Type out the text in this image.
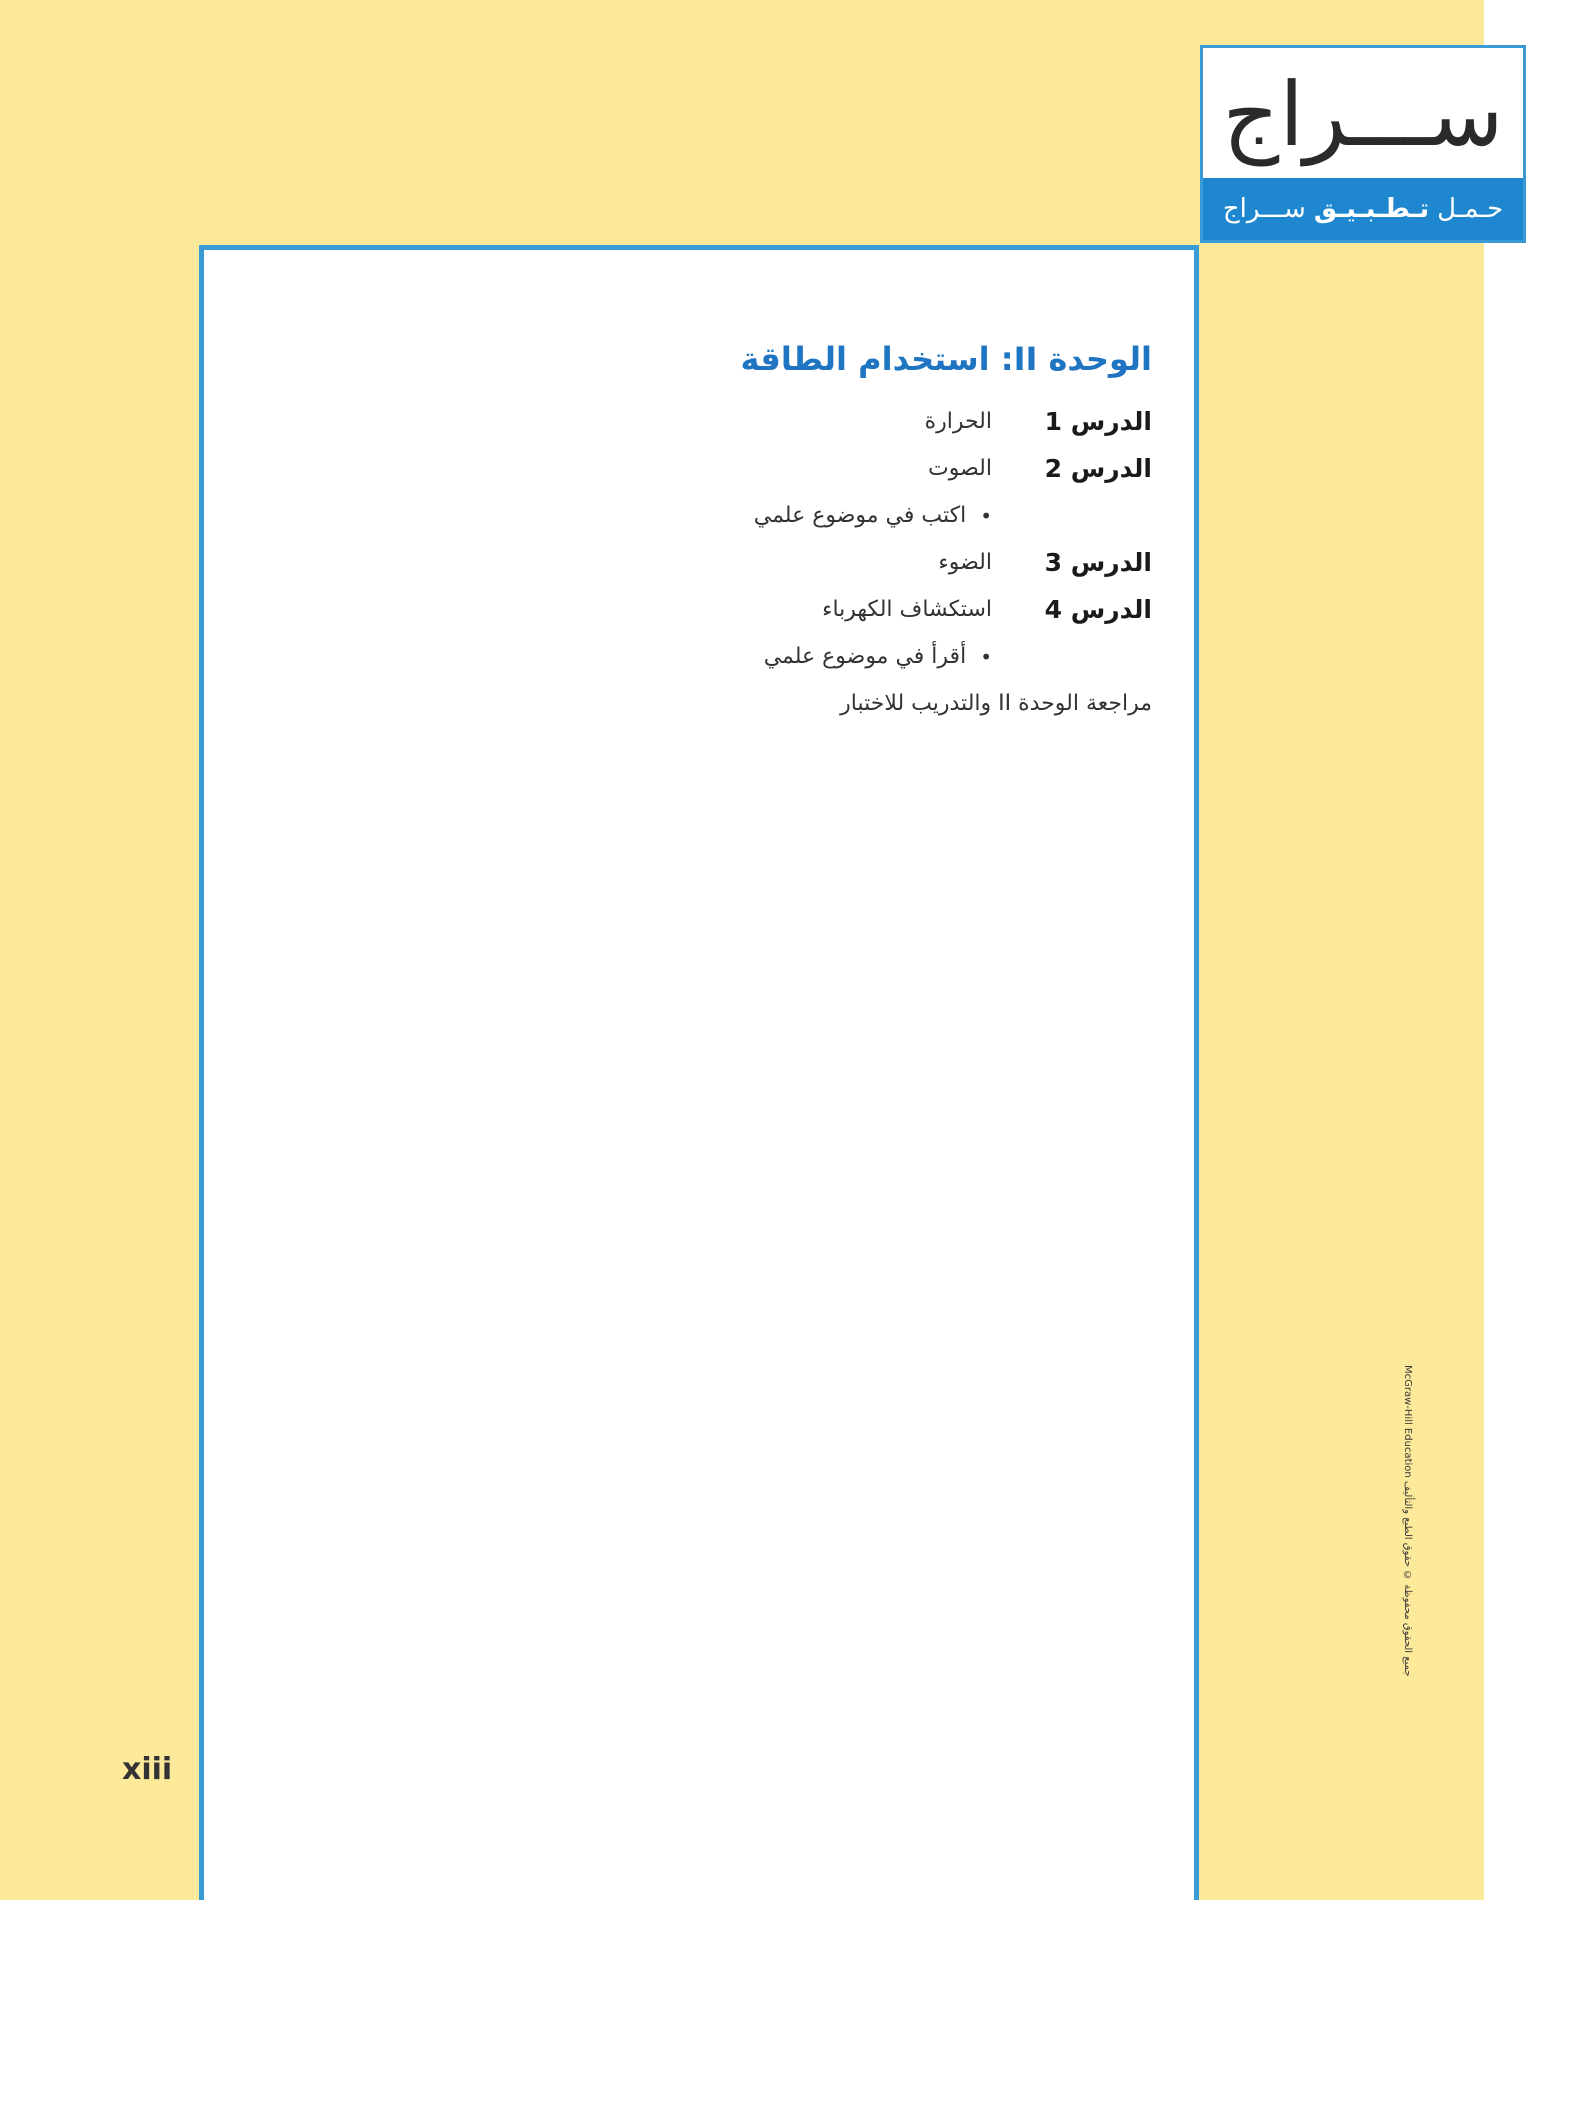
ســـراج
حـمـل
تـطـبـيـق
ســـراج
الوحدة II: استخدام الطاقة
الدرس 1
الحرارة
الدرس 2
الصوت
•
اكتب في موضوع علمي
الدرس 3
الضوء
الدرس 4
استكشاف الكهرباء
•
أقرأ في موضوع علمي
مراجعة الوحدة II والتدريب للاختبار
xiii
McGraw-Hill Education جميع الحقوق محفوظة © حقوق الطبع والتأليف
